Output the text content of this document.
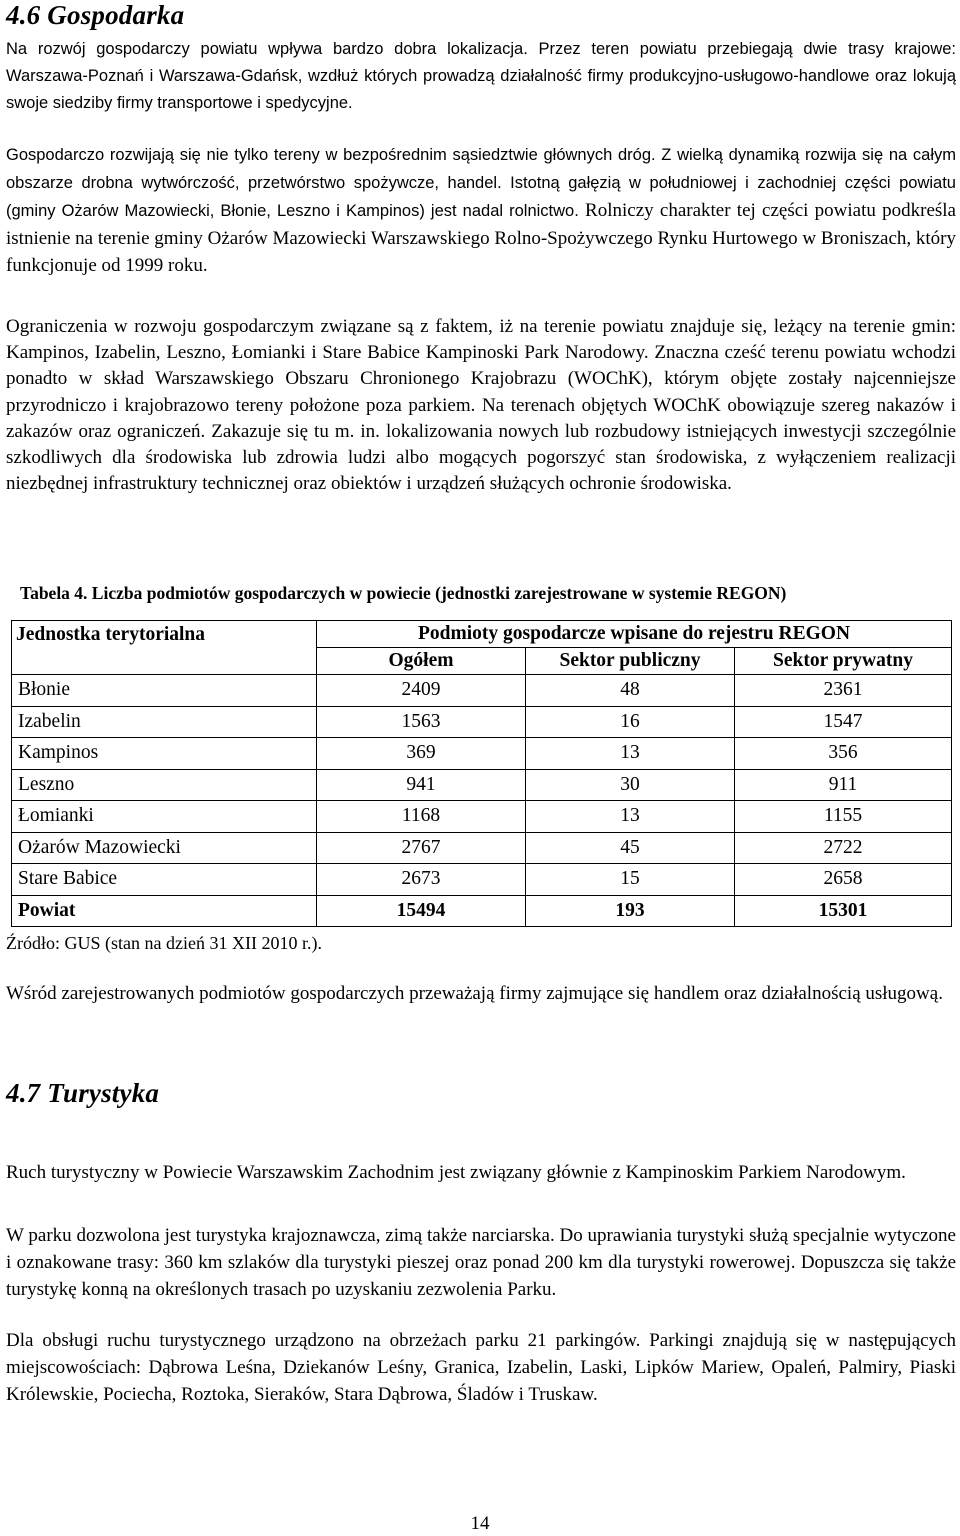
4.6 Gospodarka

Na rozwój gospodarczy powiatu wpływa bardzo dobra lokalizacja. Przez teren powiatu przebiegają dwie trasy krajowe: Warszawa-Poznań i Warszawa-Gdańsk, wzdłuż których prowadzą działalność firmy produkcyjno-usługowo-handlowe oraz lokują swoje siedziby firmy transportowe i spedycyjne.

Gospodarczo rozwijają się nie tylko tereny w bezpośrednim sąsiedztwie głównych dróg. Z wielką dynamiką rozwija się na całym obszarze drobna wytwórczość, przetwórstwo spożywcze, handel. Istotną gałęzią w południowej i zachodniej części powiatu (gminy Ożarów Mazowiecki, Błonie, Leszno i Kampinos) jest nadal rolnictwo. Rolniczy charakter tej części powiatu podkreśla istnienie na terenie gminy Ożarów Mazowiecki Warszawskiego Rolno-Spożywczego Rynku Hurtowego w Broniszach, który funkcjonuje od 1999 roku.

Ograniczenia w rozwoju gospodarczym związane są z faktem, iż na terenie powiatu znajduje się, leżący na terenie gmin: Kampinos, Izabelin, Leszno, Łomianki i Stare Babice Kampinoski Park Narodowy. Znaczna cześć terenu powiatu wchodzi ponadto w skład Warszawskiego Obszaru Chronionego Krajobrazu (WOChK), którym objęte zostały najcenniejsze przyrodniczo i krajobrazowo tereny położone poza parkiem. Na terenach objętych WOChK obowiązuje szereg nakazów i zakazów oraz ograniczeń. Zakazuje się tu m. in. lokalizowania nowych lub rozbudowy istniejących inwestycji szczególnie szkodliwych dla środowiska lub zdrowia ludzi albo mogących pogorszyć stan środowiska, z wyłączeniem realizacji niezbędnej infrastruktury technicznej oraz obiektów i urządzeń służących ochronie środowiska.

Tabela 4. Liczba podmiotów gospodarczych w powiecie (jednostki zarejestrowane w systemie REGON)

Jednostka terytorialna	Podmioty gospodarcze wpisane do rejestru REGON		
	Ogółem	Sektor publiczny	Sektor prywatny
Błonie	2409	48	2361
Izabelin	1563	16	1547
Kampinos	369	13	356
Leszno	941	30	911
Łomianki	1168	13	1155
Ożarów Mazowiecki	2767	45	2722
Stare Babice	2673	15	2658
Powiat	15494	193	15301

Źródło: GUS (stan na dzień 31 XII 2010 r.).

Wśród zarejestrowanych podmiotów gospodarczych przeważają firmy zajmujące się handlem oraz działalnością usługową.

4.7 Turystyka

Ruch turystyczny w Powiecie Warszawskim Zachodnim jest związany głównie z Kampinoskim Parkiem Narodowym.

W parku dozwolona jest turystyka krajoznawcza, zimą także narciarska. Do uprawiania turystyki służą specjalnie wytyczone i oznakowane trasy: 360 km szlaków dla turystyki pieszej oraz ponad 200 km dla turystyki rowerowej. Dopuszcza się także turystykę konną na określonych trasach po uzyskaniu zezwolenia Parku.

Dla obsługi ruchu turystycznego urządzono na obrzeżach parku 21 parkingów. Parkingi znajdują się w następujących miejscowościach: Dąbrowa Leśna, Dziekanów Leśny, Granica, Izabelin, Laski, Lipków Mariew, Opaleń, Palmiry, Piaski Królewskie, Pociecha, Roztoka, Sieraków, Stara Dąbrowa, Śladów i Truskaw.

14
